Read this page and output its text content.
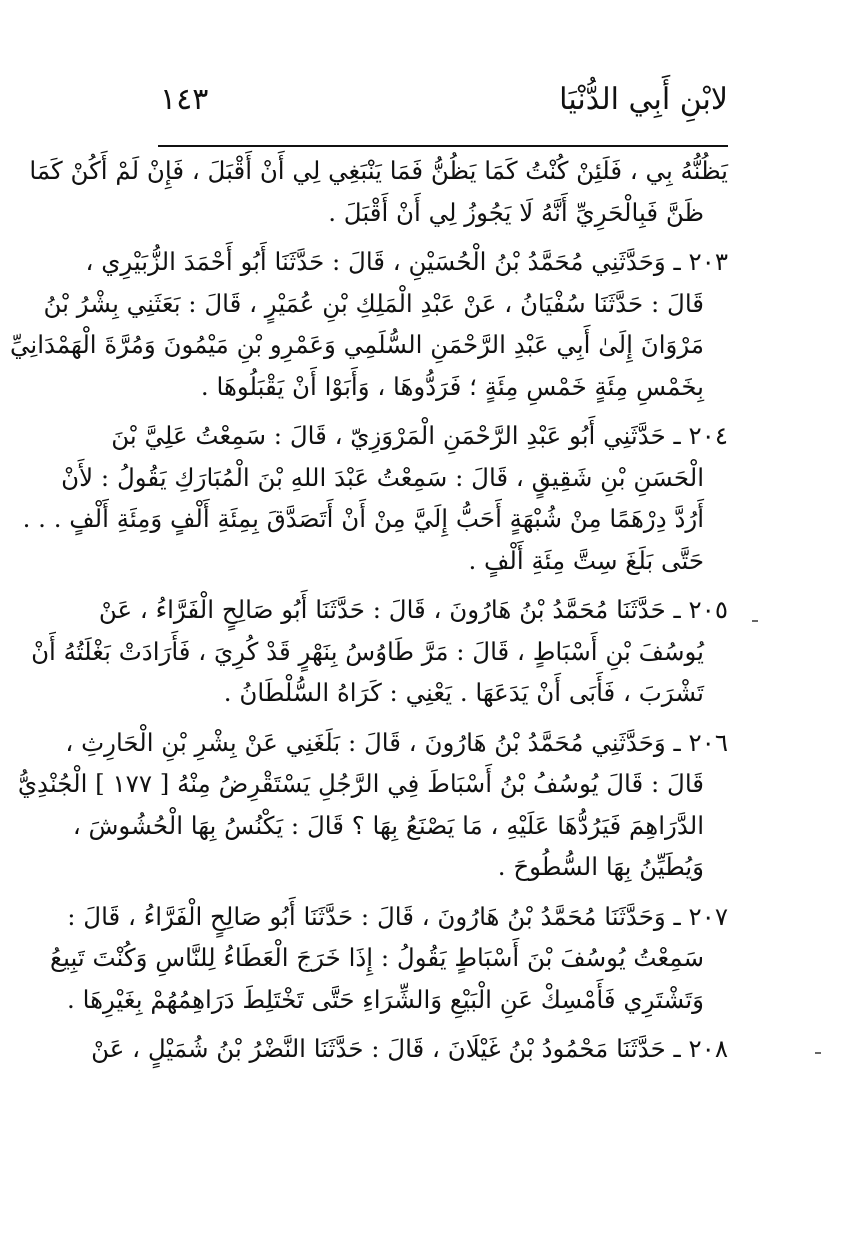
لابْنِ أَبِي الدُّنْيَا
١٤٣
يَظُنُّهُ بِي ، فَلَئِنْ كُنْتُ كَمَا يَظُنُّ فَمَا يَنْبَغِي لِي أَنْ أَقْبَلَ ، فَإِنْ لَمْ أَكُنْ كَمَا
ظَنَّ فَبِالْحَرِيِّ أَنَّهُ لَا يَجُوزُ لِي أَنْ أَقْبَلَ .
٢٠٣ ـ وَحَدَّثَنِي مُحَمَّدُ بْنُ الْحُسَيْنِ ، قَالَ : حَدَّثَنَا أَبُو أَحْمَدَ الزُّبَيْرِي ،
قَالَ : حَدَّثَنَا سُفْيَانُ ، عَنْ عَبْدِ الْمَلِكِ بْنِ عُمَيْرٍ ، قَالَ : بَعَثَنِي بِشْرُ بْنُ
مَرْوَانَ إِلَىٰ أَبِي عَبْدِ الرَّحْمَنِ السُّلَمِي وَعَمْرِو بْنِ مَيْمُونَ وَمُرَّةَ الْهَمْدَانِيِّ
بِخَمْسِ مِئَةٍ خَمْسِ مِئَةٍ ؛ فَرَدُّوهَا ، وَأَبَوْا أَنْ يَقْبَلُوهَا .
٢٠٤ ـ حَدَّثَنِي أَبُو عَبْدِ الرَّحْمَنِ الْمَرْوَزِيّ ، قَالَ : سَمِعْتُ عَلِيَّ بْنَ
الْحَسَنِ بْنِ شَقِيقٍ ، قَالَ : سَمِعْتُ عَبْدَ اللهِ بْنَ الْمُبَارَكِ يَقُولُ : لأَنْ
أَرُدَّ دِرْهَمًا مِنْ شُبْهَةٍ أَحَبُّ إِلَيَّ مِنْ أَنْ أَتَصَدَّقَ بِمِئَةِ أَلْفٍ وَمِئَةِ أَلْفٍ . . .
حَتَّى بَلَغَ سِتَّ مِئَةِ أَلْفٍ .
٢٠٥ ـ حَدَّثَنَا مُحَمَّدُ بْنُ هَارُونَ ، قَالَ : حَدَّثَنَا أَبُو صَالِحٍ الْفَرَّاءُ ، عَنْ
يُوسُفَ بْنِ أَسْبَاطٍ ، قَالَ : مَرَّ طَاوُسُ بِنَهْرٍ قَدْ كُرِيَ ، فَأَرَادَتْ بَغْلَتُهُ أَنْ
تَشْرَبَ ، فَأَبَى أَنْ يَدَعَهَا . يَعْنِي : كَرَاهُ السُّلْطَانُ .
٢٠٦ ـ وَحَدَّثَنِي مُحَمَّدُ بْنُ هَارُونَ ، قَالَ : بَلَغَنِي عَنْ بِشْرِ بْنِ الْحَارِثِ ،
قَالَ : قَالَ يُوسُفُ بْنُ أَسْبَاطَ فِي الرَّجُلِ يَسْتَقْرِضُ مِنْهُ [ ١٧٧ ] الْجُنْدِيُّ
الدَّرَاهِمَ فَيَرُدُّهَا عَلَيْهِ ، مَا يَصْنَعُ بِهَا ؟ قَالَ : يَكْنُسُ بِهَا الْحُشُوشَ ،
وَيُطَيِّنُ بِهَا السُّطُوحَ .
٢٠٧ ـ وَحَدَّثَنَا مُحَمَّدُ بْنُ هَارُونَ ، قَالَ : حَدَّثَنَا أَبُو صَالِحٍ الْفَرَّاءُ ، قَالَ :
سَمِعْتُ يُوسُفَ بْنَ أَسْبَاطٍ يَقُولُ : إِذَا خَرَجَ الْعَطَاءُ لِلنَّاسِ وَكُنْتَ تَبِيعُ
وَتَشْتَرِي فَأَمْسِكْ عَنِ الْبَيْعِ وَالشِّرَاءِ حَتَّى تَخْتَلِطَ دَرَاهِمُهُمْ بِغَيْرِهَا .
٢٠٨ ـ حَدَّثَنَا مَحْمُودُ بْنُ غَيْلَانَ ، قَالَ : حَدَّثَنَا النَّضْرُ بْنُ شُمَيْلٍ ، عَنْ
